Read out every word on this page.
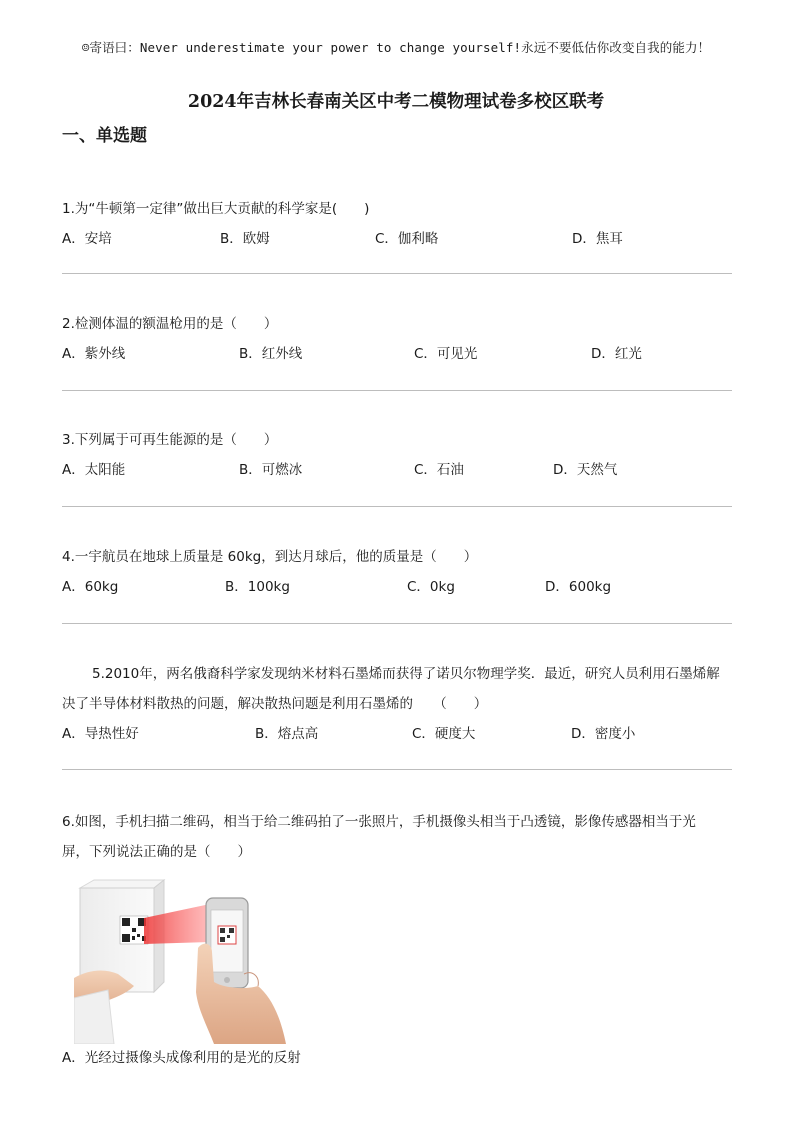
☺寄语曰：Never underestimate your power to change yourself!永远不要低估你改变自我的能力！
2024年吉林长春南关区中考二模物理试卷多校区联考
一、单选题
1.为“牛顿第一定律”做出巨大贡献的科学家是(　　)
A．安培	B．欧姆	C．伽利略	D．焦耳
2.检测体温的额温枪用的是（　　）
A．紫外线	B．红外线	C．可见光	D．红光
3.下列属于可再生能源的是（　　）
A．太阳能	B．可燃冰	C．石油	D．天然气
4.一宇航员在地球上质量是 60kg，到达月球后，他的质量是（　　）
A．60kg	B．100kg	C．0kg	D．600kg
5.2010年，两名俄裔科学家发现纳米材料石墨烯而获得了诺贝尔物理学奖．最近，研究人员利用石墨烯解
决了半导体材料散热的问题，解决散热问题是利用石墨烯的　　（　　）
A．导热性好	B．熔点高	C．硬度大	D．密度小
6.如图，手机扫描二维码，相当于给二维码拍了一张照片，手机摄像头相当于凸透镜，影像传感器相当于光
屏，下列说法正确的是（　　）
A．光经过摄像头成像利用的是光的反射
